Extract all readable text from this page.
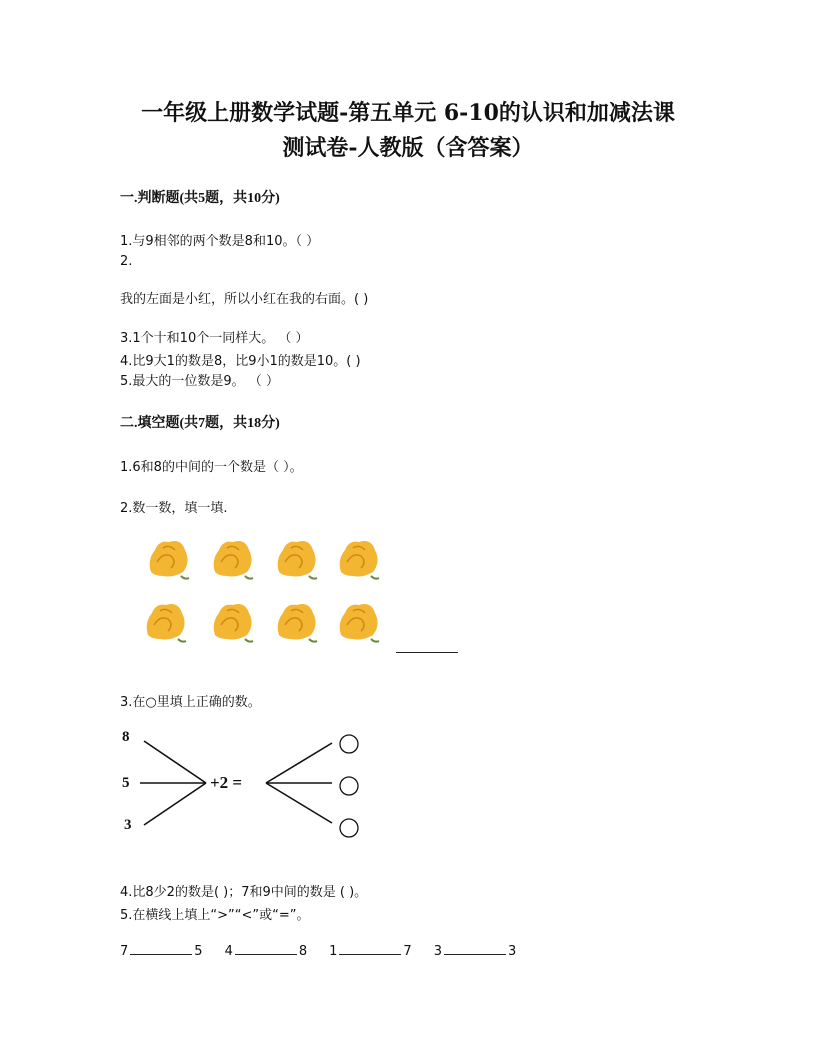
一年级上册数学试题-第五单元 6-10的认识和加减法课
测试卷-人教版（含答案）
一.判断题(共5题，共10分)
1.与9相邻的两个数是8和10。（ ）
2.
我的左面是小红，所以小红在我的右面。( )
3.1个十和10个一同样大。 （ ）
4.比9大1的数是8，比9小1的数是10。( )
5.最大的一位数是9。 （ ）
二.填空题(共7题，共18分)
1.6和8的中间的一个数是（ ）。
2.数一数，填一填.
3.在○里填上正确的数。
8
5
3
+2 =
4.比8少2的数是( )；7和9中间的数是 ( )。
5.在横线上填上“>”“<”或“=”。
7	5 4	8 1	7 3	3
